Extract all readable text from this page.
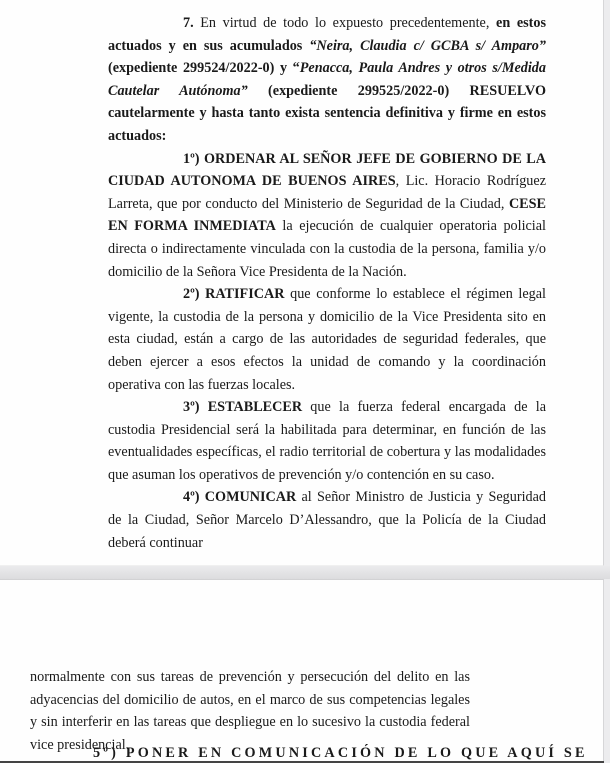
7. En virtud de todo lo expuesto precedentemente, en estos actuados y en sus acumulados “Neira, Claudia c/ GCBA s/ Amparo” (expediente 299524/2022-0) y “Penacca, Paula Andres y otros s/Medida Cautelar Autónoma” (expediente 299525/2022-0) RESUELVO cautelarmente y hasta tanto exista sentencia definitiva y firme en estos actuados:

1º) ORDENAR AL SEÑOR JEFE DE GOBIERNO DE LA CIUDAD AUTONOMA DE BUENOS AIRES, Lic. Horacio Rodríguez Larreta, que por conducto del Ministerio de Seguridad de la Ciudad, CESE EN FORMA INMEDIATA la ejecución de cualquier operatoria policial directa o indirectamente vinculada con la custodia de la persona, familia y/o domicilio de la Señora Vice Presidenta de la Nación.

2º) RATIFICAR que conforme lo establece el régimen legal vigente, la custodia de la persona y domicilio de la Vice Presidenta sito en esta ciudad, están a cargo de las autoridades de seguridad federales, que deben ejercer a esos efectos la unidad de comando y la coordinación operativa con las fuerzas locales.

3º) ESTABLECER que la fuerza federal encargada de la custodia Presidencial será la habilitada para determinar, en función de las eventualidades específicas, el radio territorial de cobertura y las modalidades que asuman los operativos de prevención y/o contención en su caso.

4º) COMUNICAR al Señor Ministro de Justicia y Seguridad de la Ciudad, Señor Marcelo D’Alessandro, que la Policía de la Ciudad deberá continuar

normalmente con sus tareas de prevención y persecución del delito en las adyacencias del domicilio de autos, en el marco de sus competencias legales y sin interferir en las tareas que despliegue en lo sucesivo la custodia federal vice presidencial.

5º) PONER EN COMUNICACIÓN DE LO QUE AQUÍ SE
